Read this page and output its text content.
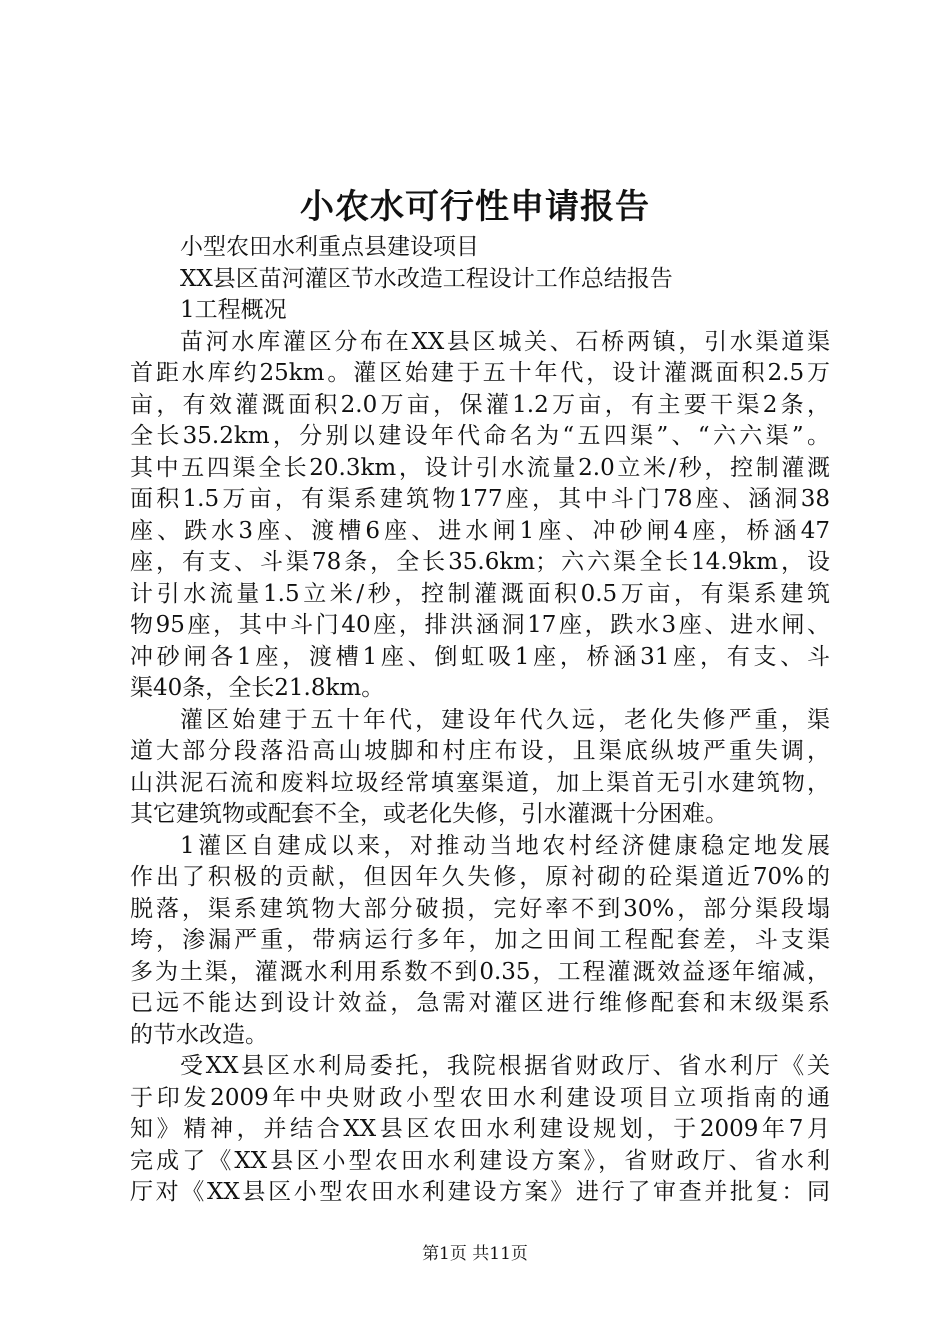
小农水可行性申请报告
小型农田水利重点县建设项目
XX县区苗河灌区节水改造工程设计工作总结报告
1工程概况
苗河水库灌区分布在XX县区城关、石桥两镇，引水渠道渠
首距水库约25km。灌区始建于五十年代，设计灌溉面积2.5万
亩，有效灌溉面积2.0万亩，保灌1.2万亩，有主要干渠2条，
全长35.2km，分别以建设年代命名为“五四渠”、“六六渠”。
其中五四渠全长20.3km，设计引水流量2.0立米/秒，控制灌溉
面积1.5万亩，有渠系建筑物177座，其中斗门78座、涵洞38
座、跌水3座、渡槽6座、进水闸1座、冲砂闸4座，桥涵47
座，有支、斗渠78条，全长35.6km；六六渠全长14.9km，设
计引水流量1.5立米/秒，控制灌溉面积0.5万亩，有渠系建筑
物95座，其中斗门40座，排洪涵洞17座，跌水3座、进水闸、
冲砂闸各1座，渡槽1座、倒虹吸1座，桥涵31座，有支、斗
渠40条，全长21.8km。
灌区始建于五十年代，建设年代久远，老化失修严重，渠
道大部分段落沿高山坡脚和村庄布设，且渠底纵坡严重失调，
山洪泥石流和废料垃圾经常填塞渠道，加上渠首无引水建筑物，
其它建筑物或配套不全，或老化失修，引水灌溉十分困难。
1灌区自建成以来，对推动当地农村经济健康稳定地发展
作出了积极的贡献，但因年久失修，原衬砌的砼渠道近70%的
脱落，渠系建筑物大部分破损，完好率不到30%，部分渠段塌
垮，渗漏严重，带病运行多年，加之田间工程配套差，斗支渠
多为土渠，灌溉水利用系数不到0.35，工程灌溉效益逐年缩减，
已远不能达到设计效益，急需对灌区进行维修配套和末级渠系
的节水改造。
受XX县区水利局委托，我院根据省财政厅、省水利厅《关
于印发2009年中央财政小型农田水利建设项目立项指南的通
知》精神，并结合XX县区农田水利建设规划，于2009年7月
完成了《XX县区小型农田水利建设方案》，省财政厅、省水利
厅对《XX县区小型农田水利建设方案》进行了审查并批复：同
第1页 共11页
